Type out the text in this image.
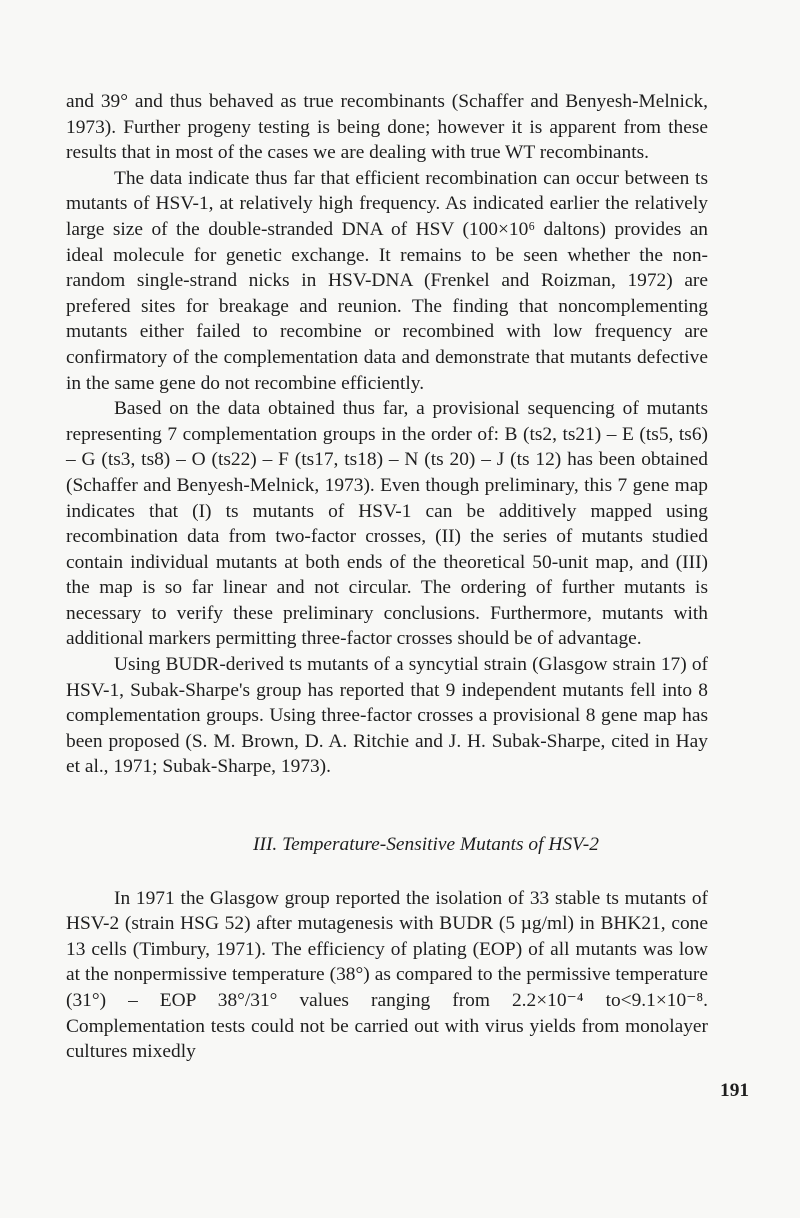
and 39° and thus behaved as true recombinants (Schaffer and Benyesh-Melnick, 1973). Further progeny testing is being done; however it is apparent from these results that in most of the cases we are dealing with true WT recombinants.

The data indicate thus far that efficient recombination can occur between ts mutants of HSV-1, at relatively high frequency. As indicated earlier the relatively large size of the double-stranded DNA of HSV (100×10⁶ daltons) provides an ideal molecule for genetic exchange. It remains to be seen whether the non-random single-strand nicks in HSV-DNA (Frenkel and Roizman, 1972) are prefered sites for breakage and reunion. The finding that noncomplementing mutants either failed to recombine or recombined with low frequency are confirmatory of the complementation data and demonstrate that mutants defective in the same gene do not recombine efficiently.

Based on the data obtained thus far, a provisional sequencing of mutants representing 7 complementation groups in the order of: B (ts2, ts21) – E (ts5, ts6) – G (ts3, ts8) – O (ts22) – F (ts17, ts18) – N (ts 20) – J (ts 12) has been obtained (Schaffer and Benyesh-Melnick, 1973). Even though preliminary, this 7 gene map indicates that (I) ts mutants of HSV-1 can be additively mapped using recombination data from two-factor crosses, (II) the series of mutants studied contain individual mutants at both ends of the theoretical 50-unit map, and (III) the map is so far linear and not circular. The ordering of further mutants is necessary to verify these preliminary conclusions. Furthermore, mutants with additional markers permitting three-factor crosses should be of advantage.

Using BUDR-derived ts mutants of a syncytial strain (Glasgow strain 17) of HSV-1, Subak-Sharpe's group has reported that 9 independent mutants fell into 8 complementation groups. Using three-factor crosses a provisional 8 gene map has been proposed (S. M. Brown, D. A. Ritchie and J. H. Subak-Sharpe, cited in Hay et al., 1971; Subak-Sharpe, 1973).

III. Temperature-Sensitive Mutants of HSV-2

In 1971 the Glasgow group reported the isolation of 33 stable ts mutants of HSV-2 (strain HSG 52) after mutagenesis with BUDR (5 µg/ml) in BHK21, cone 13 cells (Timbury, 1971). The efficiency of plating (EOP) of all mutants was low at the nonpermissive temperature (38°) as compared to the permissive temperature (31°) – EOP 38°/31° values ranging from 2.2×10⁻⁴ to<9.1×10⁻⁸. Complementation tests could not be carried out with virus yields from monolayer cultures mixedly

191
